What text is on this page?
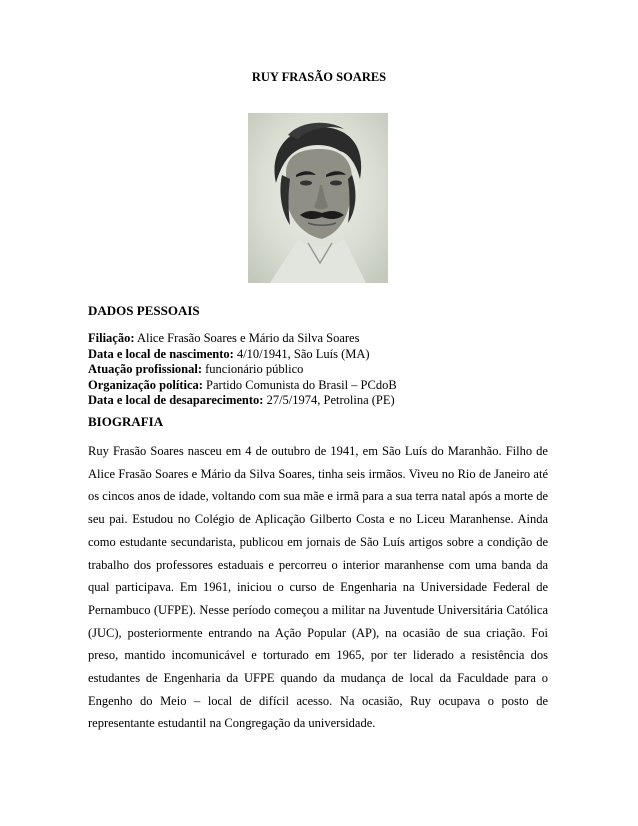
RUY FRASÃO SOARES
DADOS PESSOAIS
Filiação: Alice Frasão Soares e Mário da Silva Soares
Data e local de nascimento: 4/10/1941, São Luís (MA)
Atuação profissional: funcionário público
Organização política: Partido Comunista do Brasil – PCdoB
Data e local de desaparecimento: 27/5/1974, Petrolina (PE)
BIOGRAFIA
Ruy Frasão Soares nasceu em 4 de outubro de 1941, em São Luís do Maranhão. Filho de Alice Frasão Soares e Mário da Silva Soares, tinha seis irmãos. Viveu no Rio de Janeiro até os cincos anos de idade, voltando com sua mãe e irmã para a sua terra natal após a morte de seu pai. Estudou no Colégio de Aplicação Gilberto Costa e no Liceu Maranhense. Ainda como estudante secundarista, publicou em jornais de São Luís artigos sobre a condição de trabalho dos professores estaduais e percorreu o interior maranhense com uma banda da qual participava. Em 1961, iniciou o curso de Engenharia na Universidade Federal de Pernambuco (UFPE). Nesse período começou a militar na Juventude Universitária Católica (JUC), posteriormente entrando na Ação Popular (AP), na ocasião de sua criação. Foi preso, mantido incomunicável e torturado em 1965, por ter liderado a resistência dos estudantes de Engenharia da UFPE quando da mudança de local da Faculdade para o Engenho do Meio – local de difícil acesso. Na ocasião, Ruy ocupava o posto de representante estudantil na Congregação da universidade.
